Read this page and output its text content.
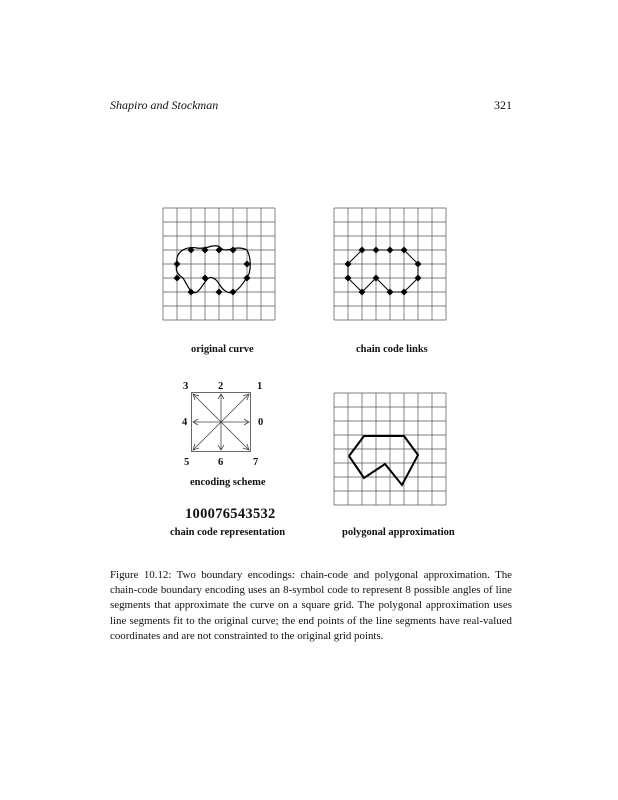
Shapiro and Stockman	321
original curve	chain code links
3	2	1
4	0
5	6	7
encoding scheme
100076543532
chain code representation	polygonal approximation
Figure 10.12: Two boundary encodings: chain-code and polygonal approximation. The chain-code boundary encoding uses an 8-symbol code to represent 8 possible angles of line segments that approximate the curve on a square grid. The polygonal approximation uses line segments fit to the original curve; the end points of the line segments have real-valued coordinates and are not constrainted to the original grid points.
